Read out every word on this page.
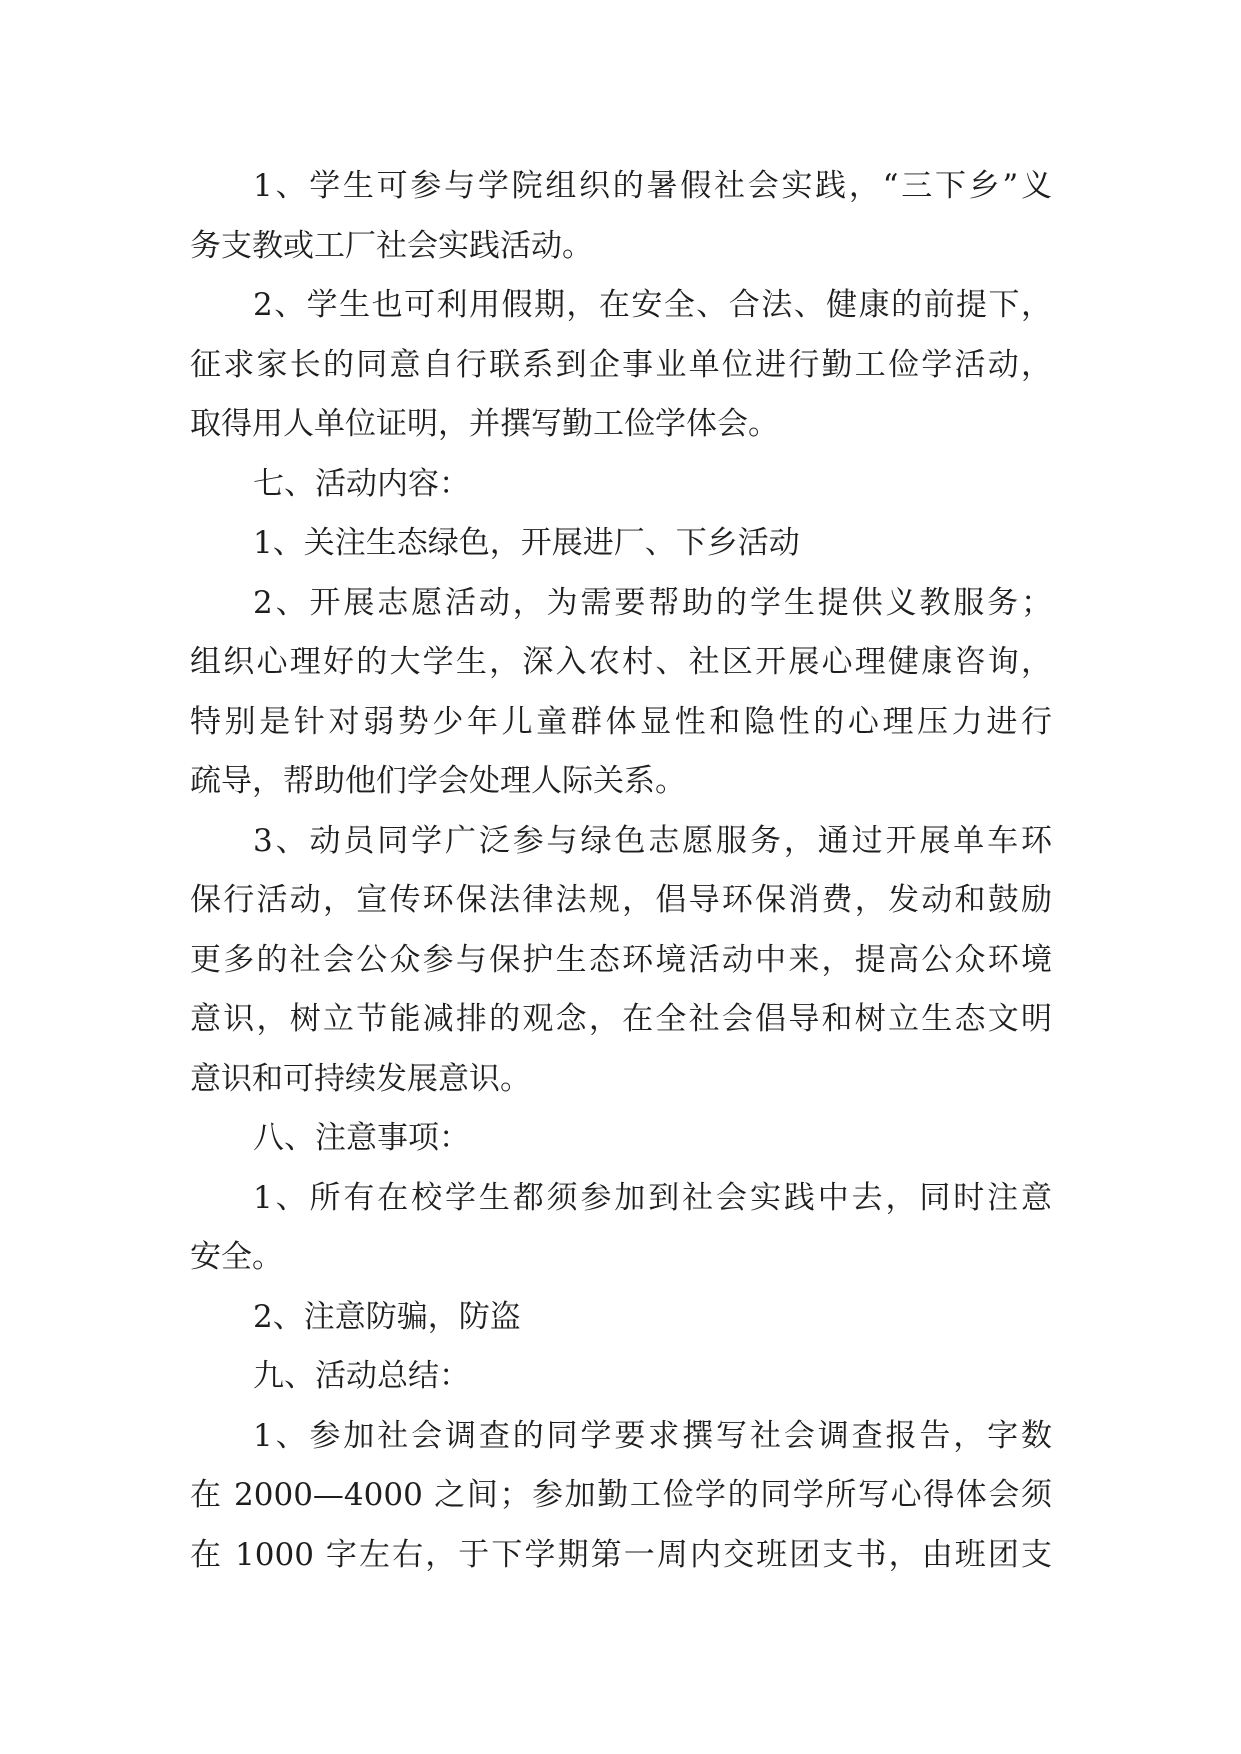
1、学生可参与学院组织的暑假社会实践，“三下乡”义
务支教或工厂社会实践活动。
2、学生也可利用假期，在安全、合法、健康的前提下，
征求家长的同意自行联系到企事业单位进行勤工俭学活动，
取得用人单位证明，并撰写勤工俭学体会。
七、活动内容：
1、关注生态绿色，开展进厂、下乡活动
2、开展志愿活动，为需要帮助的学生提供义教服务；
组织心理好的大学生，深入农村、社区开展心理健康咨询，
特别是针对弱势少年儿童群体显性和隐性的心理压力进行
疏导，帮助他们学会处理人际关系。
3、动员同学广泛参与绿色志愿服务，通过开展单车环
保行活动，宣传环保法律法规，倡导环保消费，发动和鼓励
更多的社会公众参与保护生态环境活动中来，提高公众环境
意识，树立节能减排的观念，在全社会倡导和树立生态文明
意识和可持续发展意识。
八、注意事项：
1、所有在校学生都须参加到社会实践中去，同时注意
安全。
2、注意防骗，防盗
九、活动总结：
1、参加社会调查的同学要求撰写社会调查报告，字数
在 2000—4000 之间；参加勤工俭学的同学所写心得体会须
在 1000 字左右，于下学期第一周内交班团支书，由班团支
